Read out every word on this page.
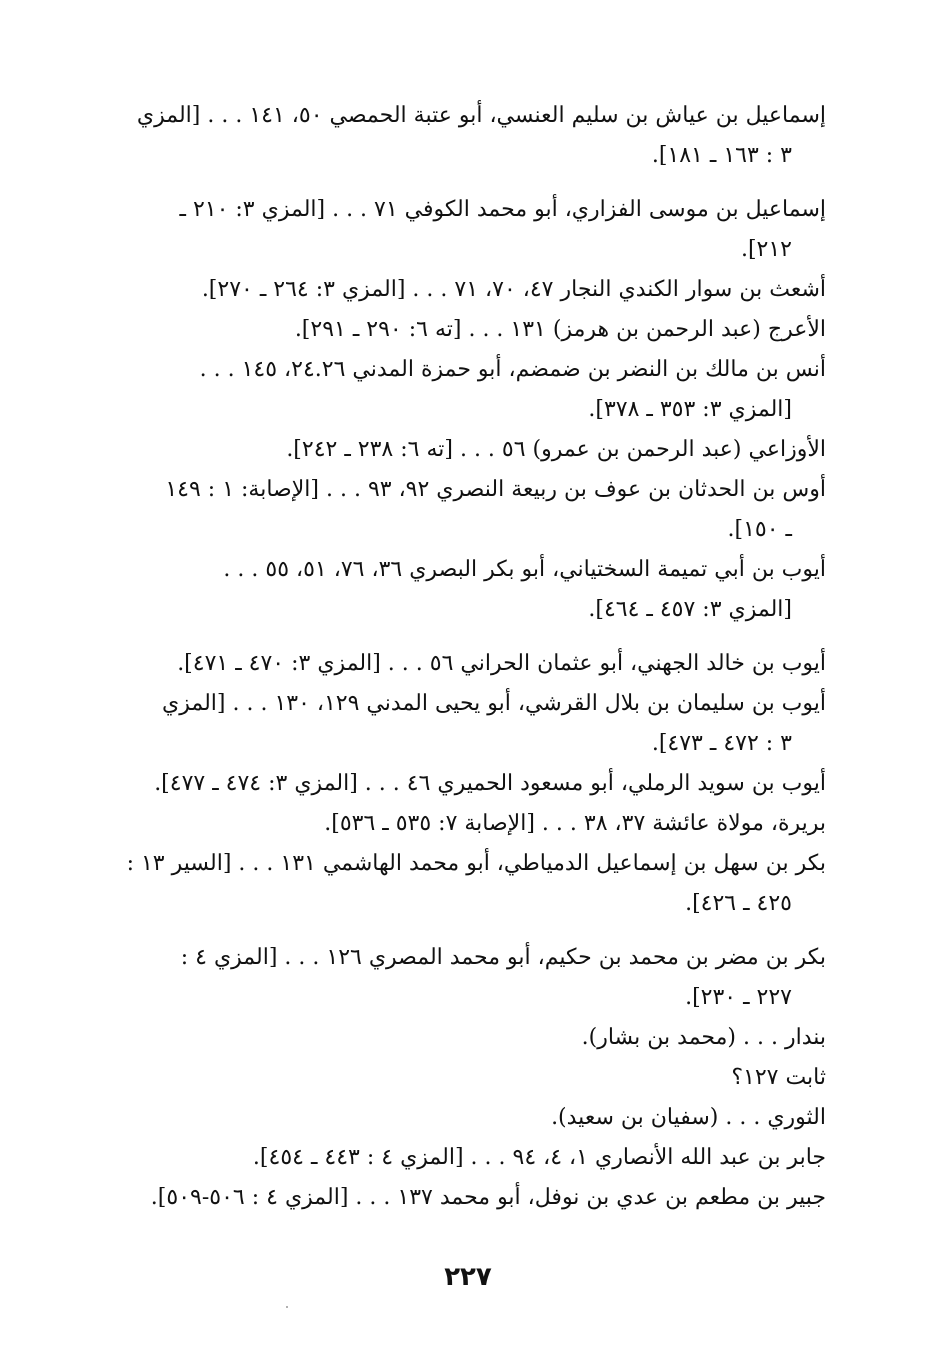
إسماعيل بن عياش بن سليم العنسي، أبو عتبة الحمصي ٥٠، ١٤١ . . . [المزي
٣ : ١٦٣ ـ ١٨١].
إسماعيل بن موسى الفزاري، أبو محمد الكوفي ٧١ . . . [المزي ٣: ٢١٠ ـ
٢١٢].
أشعث بن سوار الكندي النجار ٤٧، ٧٠، ٧١ . . . [المزي ٣: ٢٦٤ ـ ٢٧٠].
الأعرج (عبد الرحمن بن هرمز) ١٣١ . . . [ته ٦: ٢٩٠ ـ ٢٩١].
أنس بن مالك بن النضر بن ضمضم، أبو حمزة المدني ٢٤.٢٦، ١٤٥ . . .
[المزي ٣: ٣٥٣ ـ ٣٧٨].
الأوزاعي (عبد الرحمن بن عمرو) ٥٦ . . . [ته ٦: ٢٣٨ ـ ٢٤٢].
أوس بن الحدثان بن عوف بن ربيعة النصري ٩٢، ٩٣ . . . [الإصابة: ١ : ١٤٩
ـ ١٥٠].
أيوب بن أبي تميمة السختياني، أبو بكر البصري ٣٦، ٧٦، ٥١، ٥٥ . . .
[المزي ٣: ٤٥٧ ـ ٤٦٤].
أيوب بن خالد الجهني، أبو عثمان الحراني ٥٦ . . . [المزي ٣: ٤٧٠ ـ ٤٧١].
أيوب بن سليمان بن بلال القرشي، أبو يحيى المدني ١٢٩، ١٣٠ . . . [المزي
٣ : ٤٧٢ ـ ٤٧٣].
أيوب بن سويد الرملي، أبو مسعود الحميري ٤٦ . . . [المزي ٣: ٤٧٤ ـ ٤٧٧].
بريرة، مولاة عائشة ٣٧، ٣٨ . . . [الإصابة ٧: ٥٣٥ ـ ٥٣٦].
بكر بن سهل بن إسماعيل الدمياطي، أبو محمد الهاشمي ١٣١ . . . [السير ١٣ :
٤٢٥ ـ ٤٢٦].
بكر بن مضر بن محمد بن حكيم، أبو محمد المصري ١٢٦ . . . [المزي ٤ :
٢٢٧ ـ ٢٣٠].
بندار . . . (محمد بن بشار).
ثابت ١٢٧؟
الثوري . . . (سفيان بن سعيد).
جابر بن عبد الله الأنصاري ١، ٤، ٩٤ . . . [المزي ٤ : ٤٤٣ ـ ٤٥٤].
جبير بن مطعم بن عدي بن نوفل، أبو محمد ١٣٧ . . . [المزي ٤ : ٥٠٦-٥٠٩].
٢٢٧
